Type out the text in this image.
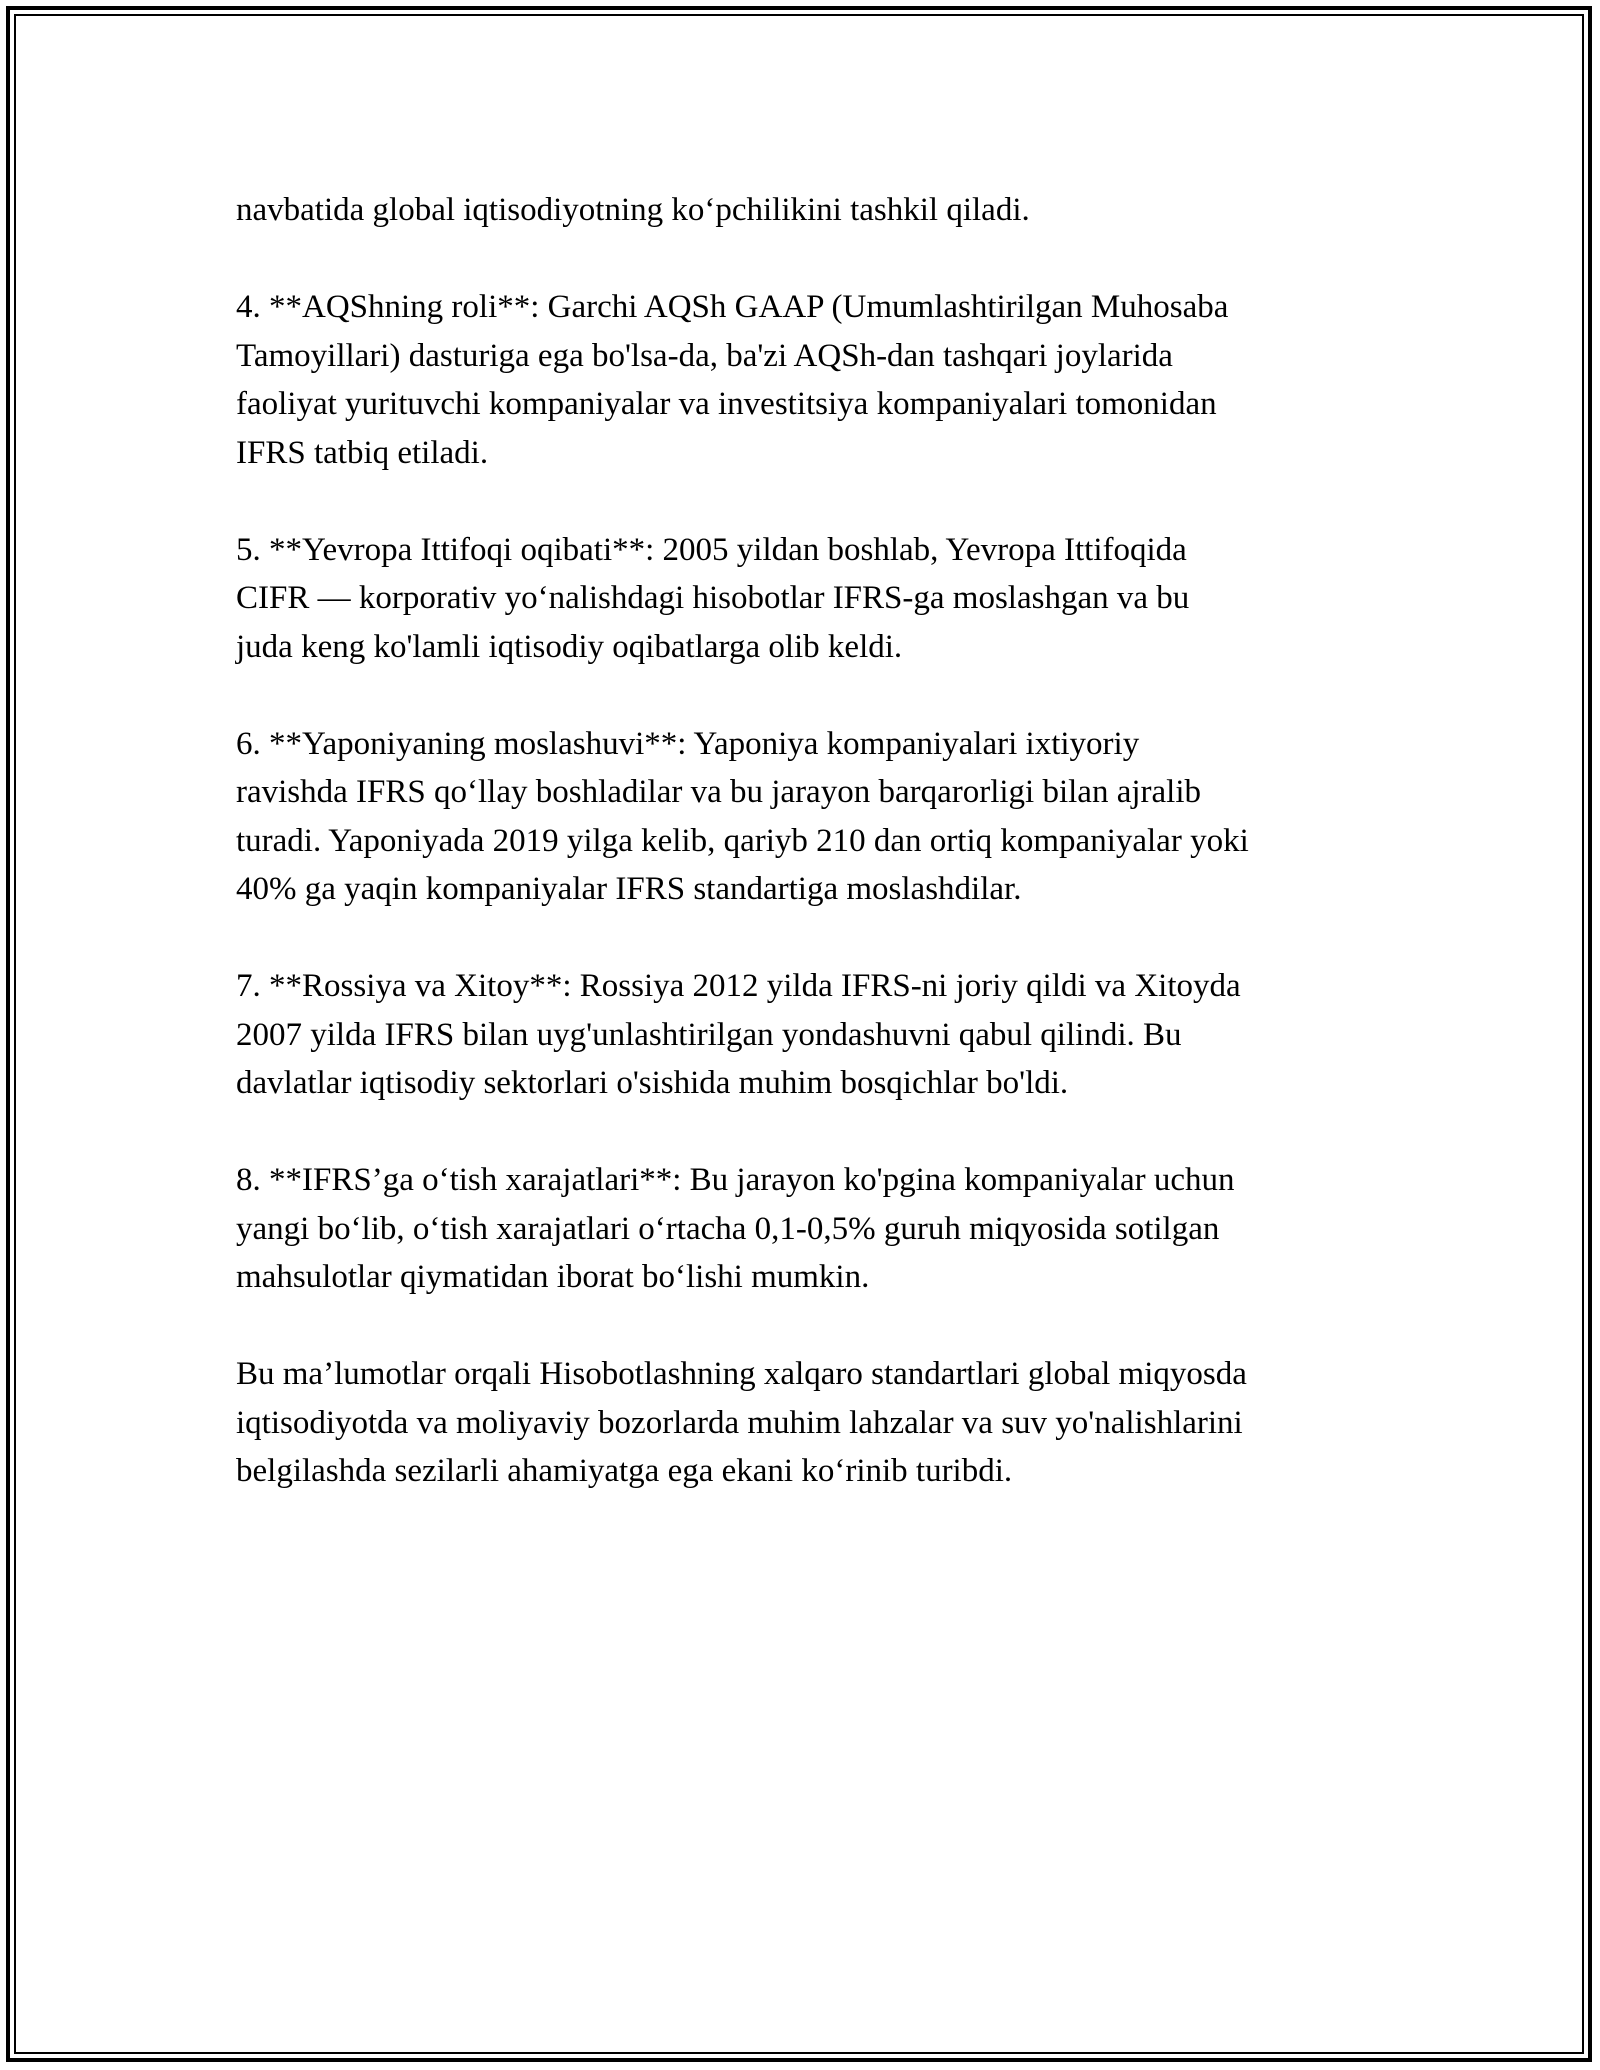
navbatida global iqtisodiyotning ko‘pchilikini tashkil qiladi.

4. **AQShning roli**: Garchi AQSh GAAP (Umumlashtirilgan Muhosaba
Tamoyillari) dasturiga ega bo'lsa-da, ba'zi AQSh-dan tashqari joylarida
faoliyat yurituvchi kompaniyalar va investitsiya kompaniyalari tomonidan
IFRS tatbiq etiladi.

5. **Yevropa Ittifoqi oqibati**: 2005 yildan boshlab, Yevropa Ittifoqida
CIFR — korporativ yo‘nalishdagi hisobotlar IFRS-ga moslashgan va bu
juda keng ko'lamli iqtisodiy oqibatlarga olib keldi.

6. **Yaponiyaning moslashuvi**: Yaponiya kompaniyalari ixtiyoriy
ravishda IFRS qo‘llay boshladilar va bu jarayon barqarorligi bilan ajralib
turadi. Yaponiyada 2019 yilga kelib, qariyb 210 dan ortiq kompaniyalar yoki
40% ga yaqin kompaniyalar IFRS standartiga moslashdilar.

7. **Rossiya va Xitoy**: Rossiya 2012 yilda IFRS-ni joriy qildi va Xitoyda
2007 yilda IFRS bilan uyg'unlashtirilgan yondashuvni qabul qilindi. Bu
davlatlar iqtisodiy sektorlari o'sishida muhim bosqichlar bo'ldi.

8. **IFRS’ga o‘tish xarajatlari**: Bu jarayon ko'pgina kompaniyalar uchun
yangi bo‘lib, o‘tish xarajatlari o‘rtacha 0,1-0,5% guruh miqyosida sotilgan
mahsulotlar qiymatidan iborat bo‘lishi mumkin.

Bu ma’lumotlar orqali Hisobotlashning xalqaro standartlari global miqyosda
iqtisodiyotda va moliyaviy bozorlarda muhim lahzalar va suv yo'nalishlarini
belgilashda sezilarli ahamiyatga ega ekani ko‘rinib turibdi.
